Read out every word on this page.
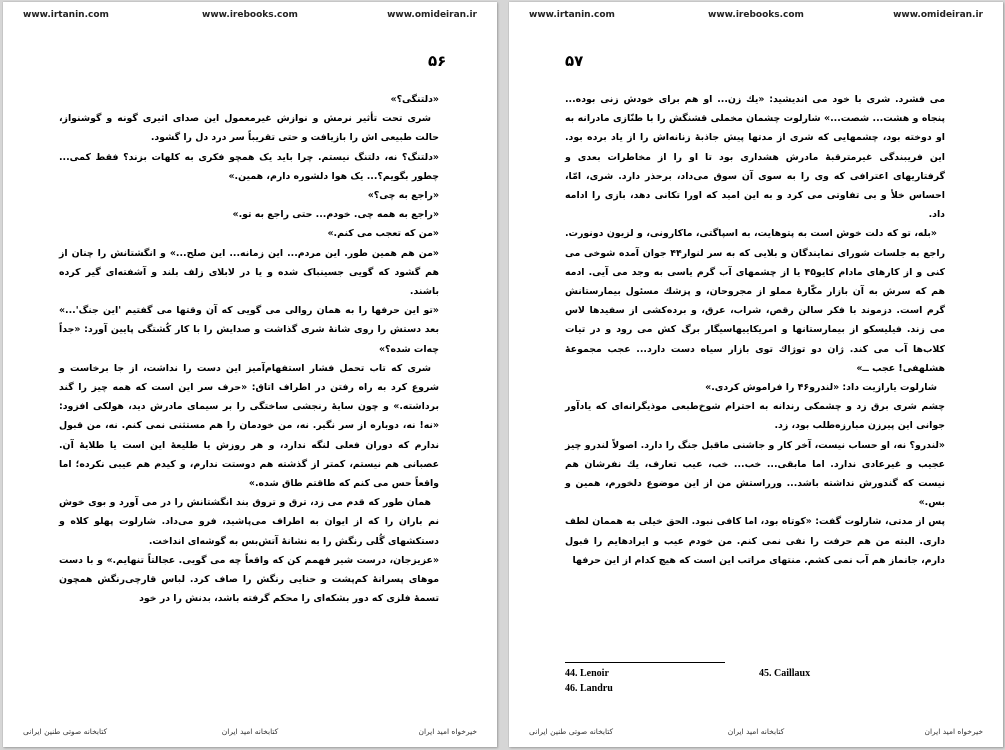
www.irtanin.com	www.irebooks.com	www.omideiran.ir
۵۶

«دلتنگی؟»

شری تحت تأثیر نرمش و نوازش غیرمعمول این صدای اثیری گونه و گوشنواز، حالت طبیعی اش را بازیافت و حتی تقریباً سر درد دل را گشود.

«دلتنگ؟ نه، دلتنگ نیستم. چرا باید یک همچو فکری به کلهات بزند؟ فقط کمی... چطور بگویم؟... یک هوا دلشوره دارم، همین.»

«راجع به چی؟»

«راجع به همه چی. خودم... حتی راجع به تو.»

«من که تعجب می کنم.»

«من هم همین طور. این مردم... این زمانه... این صلح...» و انگشتانش را چنان از هم گشود که گویی جسینباک شده و یا در لابلای زلف بلند و آشفته‌ای گیر کرده باشند.

«تو این حرفها را به همان روالی می گویی که آن وقتها می گفتیم 'این جنگ'...» بعد دستش را روی شانهٔ شری گذاشت و صدایش را با کار کُشتگی پایین آورد: «جداً چه‌ات شده؟»

شری که تاب تحمل فشار استفهام‌آمیز این دست را نداشت، از جا برخاست و شروع کرد به راه رفتن در اطراف اتاق: «حرف سر این است که همه چیز را گند برداشته.» و چون سایهٔ رنجشی ساختگی را بر سیمای مادرش دید، هولکی افزود: «نه! نه، دوباره از سر نگیر. نه، من خودمان را هم مستثنی نمی کنم. نه، من قبول ندارم که دوران فعلی لنگه ندارد، و هر روزش یا طلیعهٔ این است یا طلایهٔ آن. عصبانی هم نیستم، کمتر از گذشته هم دوستت ندارم، و کیدم هم عیبی نکرده؛ اما واقعاً حس می کنم که طاقتم طاق شده.»

همان طور که قدم می زد، ترق و تروق بند انگشتانش را در می آورد و بوی خوش نم باران را که از ایوان به اطراف می‌پاشید، فرو می‌داد. شارلوت پهلو کلاه و دستکشهای گُلی رنگش را به نشانهٔ آتش‌بس به گوشه‌ای انداخت.

«عزیزجان، درست شیر فهمم کن که واقعاً چه می گویی. عجالتاً تنهایم.» و با دست موهای پسرانهٔ کم‌پشت و حنایی رنگش را صاف کرد. لباس قارچی‌رنگش همچون تسمهٔ فلزی که دور بشکه‌ای را محکم گرفته باشد، بدنش را در خود

خیرخواه امید ایران
کتابخانه امید ایران
کتابخانه صوتی طنین ایرانی
www.irtanin.com	www.irebooks.com	www.omideiran.ir
۵۷

می فشرد. شری با خود می اندیشید: «یك زن... او هم برای خودش زنی بوده... پنجاه و هشت... شصت...» شارلوت چشمان مخملی قشنگش را با طنّازی مادرانه به او دوخته بود، چشمهایی که شری از مدتها پیش جاذبهٔ زنانه‌اش را از یاد برده بود. این فریبندگی غیرمترقبهٔ مادرش هشداری بود تا او را از مخاطرات بعدی و گرفتاریهای اعترافی که وی را به سوی آن سوق می‌داد، برحذر دارد. شری، امّا، احساس خلأ و بی تفاوتی می کرد و به این امید که اورا تکانی دهد، بازی را ادامه داد.

«بله، تو که دلت خوش است به پتوهایت، به اسپاگتی، ماکارونی، و لزیون دونورت. راجع به جلسات شورای نمایندگان و بلایی که به سر لنوار۴۴ جوان آمده شوخی می کنی و از کارهای مادام کایو۴۵ یا از چشمهای آب گرم یاسی به وجد می آیی. ادمه هم که سرش به آن بازار مکّارهٔ مملو از مجروحان، و پزشك مسئول بیمارستانش گرم است. دزموند با فکر سالن رقص، شراب، عرق، و برده‌کشی از سفیدها لاس می زند. فیلیسکو از بیمارستانها و امریکاییهاسیگار برگ کش می رود و در تیات کلاب‌ها آب می کند. ژان دو توژاك توی بازار سیاه دست دارد... عجب مجموعهٔ هشلهفی! عجب ــ»

شارلوت یارازیت داد: «لندرو۴۶ را فراموش کردی.»

چشم شری برق زد و چشمکی رندانه به احترام شوخ‌طبعی موذیگرانه‌ای که یادآور جوانی این پیرزن مبارزه‌طلب بود، زد.

«لندرو؟ نه، او حساب نیست، آخر کار و جاشنی ماقبل جنگ را دارد. اصولاً لندرو چیز عجیب و غیرعادی ندارد. اما مابقی... خب... خب، عیب تعارف، یك نفرشان هم نیست که گندورش نداشته باشد... ورراستش من از این موضوع دلخورم، همین و بس.»

پس از مدتی، شارلوت گفت: «کوتاه بود، اما کافی نبود. الحق خیلی به هممان لطف داری. البته من هم حرفت را نفی نمی کنم. من خودم عیب و ایرادهایم را قبول دارم، جانماز هم آب نمی کشم. منتهای مراتب این است که هیچ کدام از این حرفها

44. Lenoir
46. Landru
45. Caillaux
خیرخواه امید ایران
کتابخانه امید ایران
کتابخانه صوتی طنین ایرانی
